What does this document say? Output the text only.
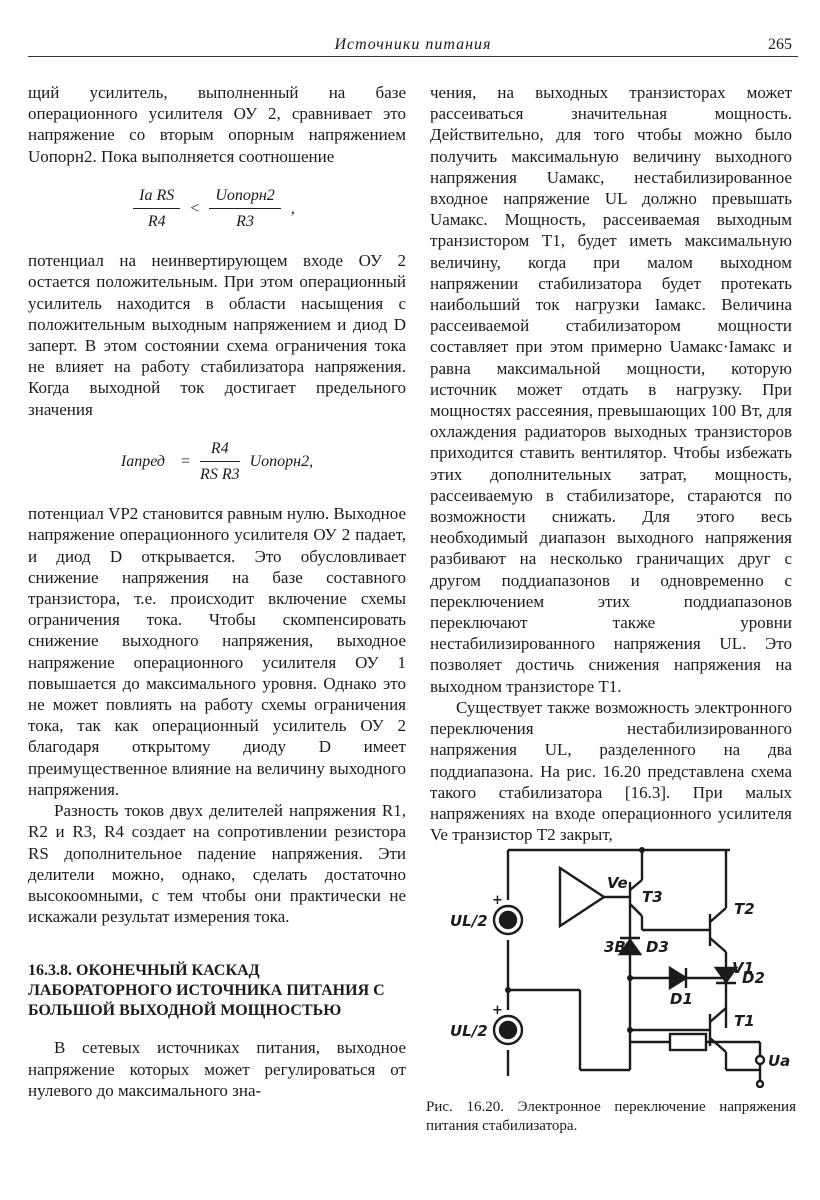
Источники питания	265

щий усилитель, выполненный на базе операционного усилителя ОУ 2, сравнивает это напряжение со вторым опорным напряжением Uопорн2. Пока выполняется соотношение

$\frac{\text{Ia RS}}{R4} < \frac{\text{Uопорн2}}{R3}$ ,

потенциал на неинвертирующем входе ОУ 2 остается положительным. При этом операционный усилитель находится в области насыщения с положительным выходным напряжением и диод D заперт. В этом состоянии схема ограничения тока не влияет на работу стабилизатора напряжения. Когда выходной ток достигает предельного значения

Iaпред = $\frac{R4}{\text{RS R3}}$ Uопорн2,

потенциал VP2 становится равным нулю. Выходное напряжение операционного усилителя ОУ 2 падает, и диод D открывается. Это обусловливает снижение напряжения на базе составного транзистора, т.е. происходит включение схемы ограничения тока. Чтобы скомпенсировать снижение выходного напряжения, выходное напряжение операционного усилителя ОУ 1 повышается до максимального уровня. Однако это не может повлиять на работу схемы ограничения тока, так как операционный усилитель ОУ 2 благодаря открытому диоду D имеет преимущественное влияние на величину выходного напряжения.

Разность токов двух делителей напряжения R1, R2 и R3, R4 создает на сопротивлении резистора RS дополнительное падение напряжения. Эти делители можно, однако, сделать достаточно высокоомными, с тем чтобы они практически не искажали результат измерения тока.

16.3.8. ОКОНЕЧНЫЙ КАСКАД ЛАБОРАТОРНОГО ИСТОЧНИКА ПИТАНИЯ С БОЛЬШОЙ ВЫХОДНОЙ МОЩНОСТЬЮ

В сетевых источниках питания, выходное напряжение которых может регулироваться от нулевого до максимального зна-

чения, на выходных транзисторах может рассеиваться значительная мощность. Действительно, для того чтобы можно было получить максимальную величину выходного напряжения Uaмакс, нестабилизированное входное напряжение UL должно превышать Uaмакс. Мощность, рассеиваемая выходным транзистором T1, будет иметь максимальную величину, когда при малом выходном напряжении стабилизатора будет протекать наибольший ток нагрузки Iaмакс. Величина рассеиваемой стабилизатором мощности составляет при этом примерно Uaмакс·Iaмакс и равна максимальной мощности, которую источник может отдать в нагрузку. При мощностях рассеяния, превышающих 100 Вт, для охлаждения радиаторов выходных транзисторов приходится ставить вентилятор. Чтобы избежать этих дополнительных затрат, мощность, рассеиваемую в стабилизаторе, стараются по возможности снижать. Для этого весь необходимый диапазон выходного напряжения разбивают на несколько граничащих друг с другом поддиапазонов и одновременно с переключением этих поддиапазонов переключают также уровни нестабилизированного напряжения UL. Это позволяет достичь снижения напряжения на выходном транзисторе T1.

Существует также возможность электронного переключения нестабилизированного напряжения UL, разделенного на два поддиапазона. На рис. 16.20 представлена схема такого стабилизатора [16.3]. При малых напряжениях на входе операционного усилителя Ve транзистор T2 закрыт,

Ve
T3
T2
3В D3
D2
V1
D1
T1
UL/2
UL/2
Ua
+
+
Рис. 16.20. Электронное переключение напряжения питания стабилизатора.
